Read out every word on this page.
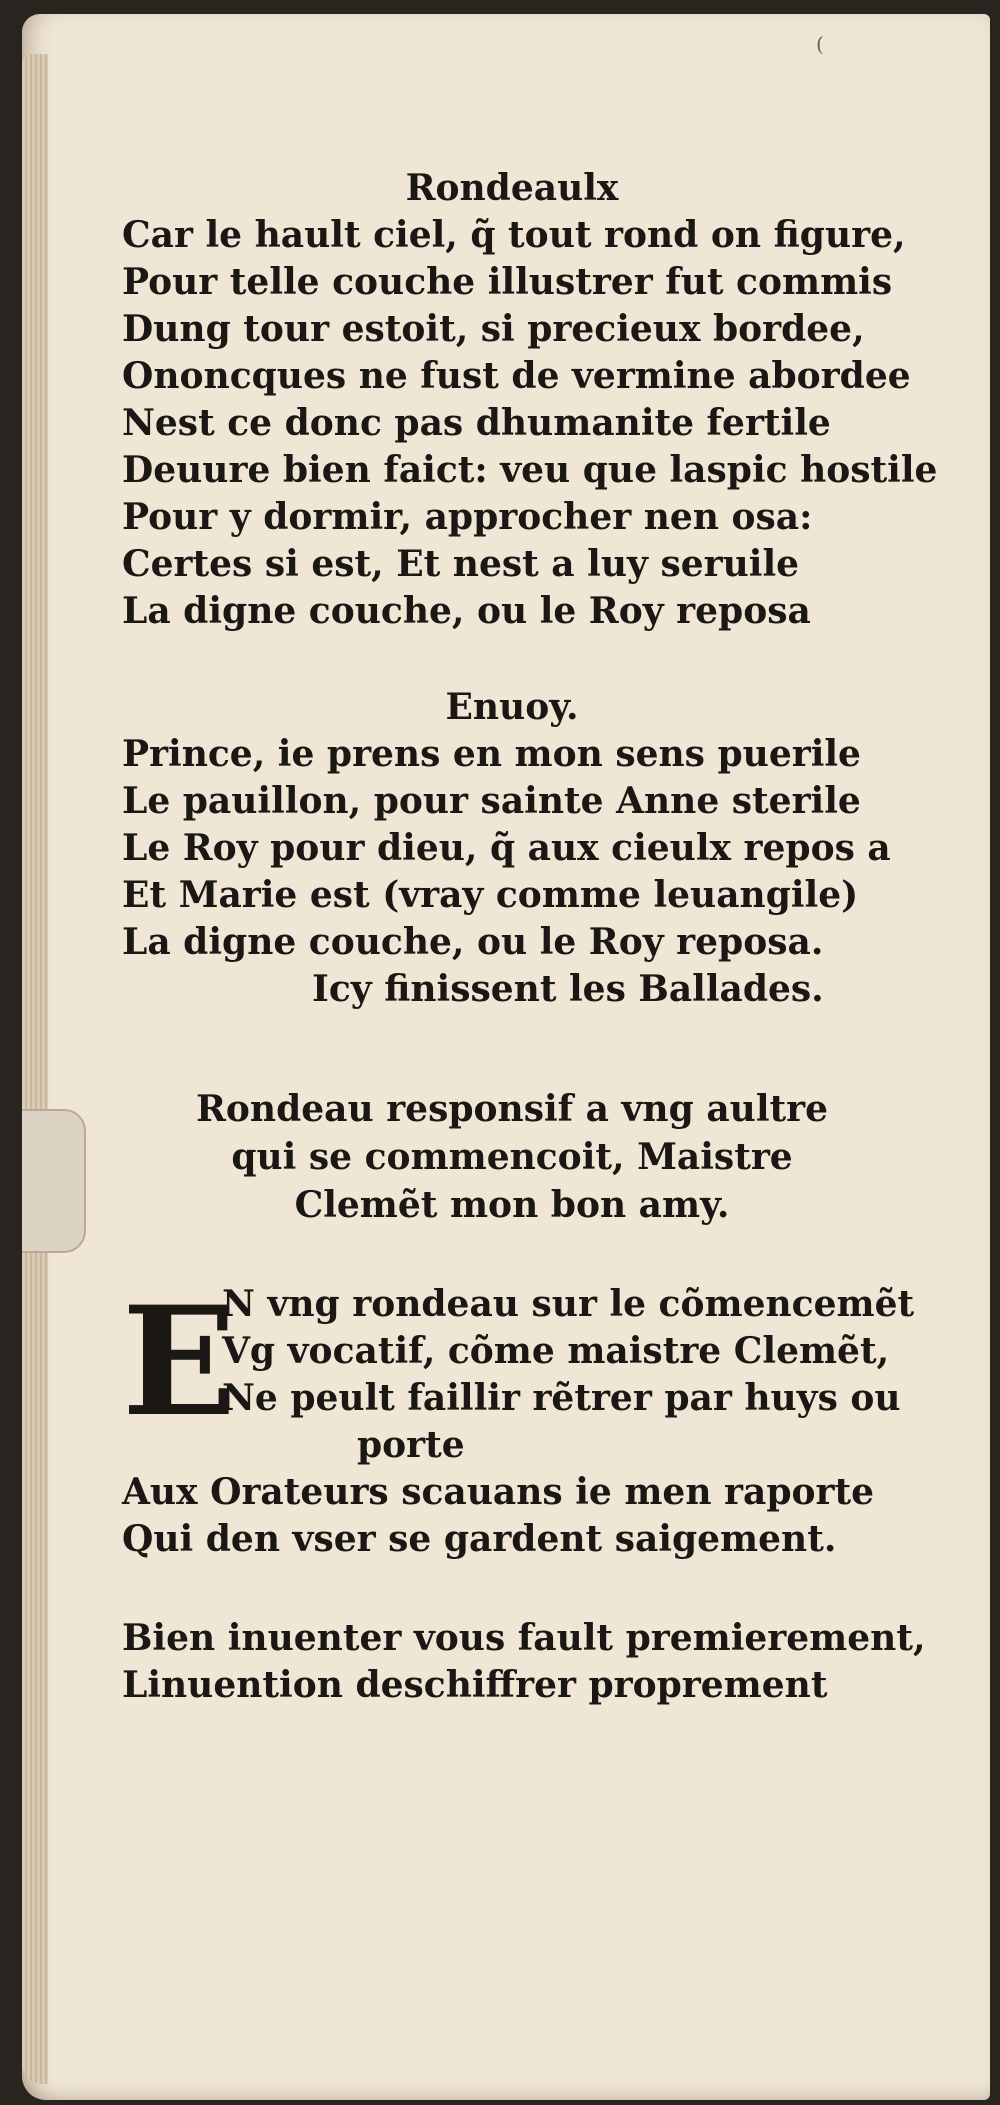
(
Rondeaulx
Car le hault ciel, q̃ tout rond on figure,
Pour telle couche illustrer fut commis
Dung tour estoit, si precieux bordee,
Ononcques ne fust de vermine abordee
Nest ce donc pas dhumanite fertile
Deuure bien faict: veu que laspic hostile
Pour y dormir, approcher nen osa:
Certes si est, Et nest a luy seruile
La digne couche, ou le Roy reposa
Enuoy.
Prince, ie prens en mon sens puerile
Le pauillon, pour sainte Anne sterile
Le Roy pour dieu, q̃ aux cieulx repos a
Et Marie est (vray comme leuangile)
La digne couche, ou le Roy reposa.
Icy finissent les Ballades.
Rondeau responsif a vng aultre
qui se commencoit, Maistre
Clemẽt mon bon amy.
E
N vng rondeau sur le cõmencemẽt
Vg vocatif, cõme maistre Clemẽt,
Ne peult faillir rẽtrer par huys ou
porte
Aux Orateurs scauans ie men raporte
Qui den vser se gardent saigement.
Bien inuenter vous fault premierement,
Linuention deschiffrer proprement
